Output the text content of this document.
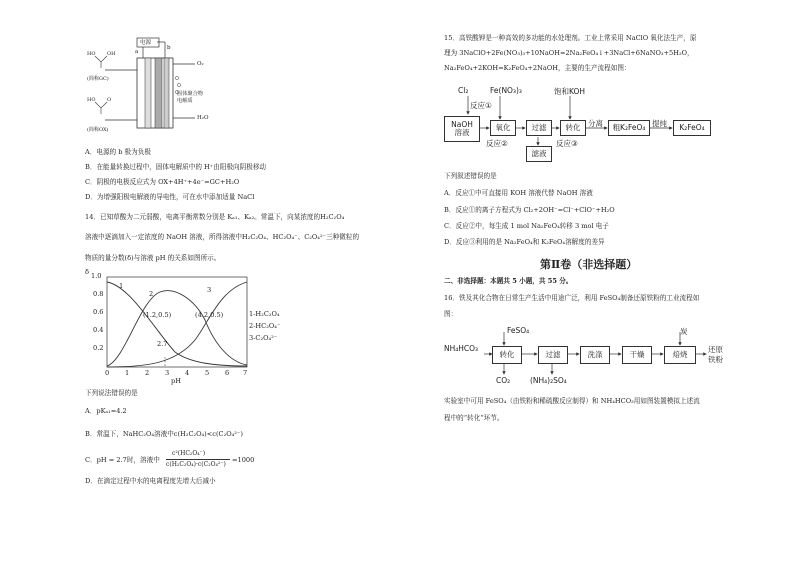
电源
a
b
O₂
H₂O
固体聚合物
电解质
HO OH
(简称GC)
HO O
(简称OX)
A．电源的 b 极为负极
B．在能量转换过程中，固体电解质中的 H⁺由阳极向阴极移动
C．阴极的电极反应式为 OX+4H⁺+4e⁻=GC+H₂O
D．为增强阳极电解液的导电性，可在水中添加适量 NaCl
14．已知草酸为二元弱酸，电离平衡常数分别是 Kₐ₁、Kₐ₂。常温下，向某浓度的H₂C₂O₄
溶液中逐滴加入一定浓度的 NaOH 溶液，所得溶液中H₂C₂O₄、HC₂O₄⁻、C₂O₄²⁻三种微粒的
物质的量分数(δ)与溶液 pH 的关系如图所示。
δ 1.0
0.8
0.6
0.4
0.2
0 1 2 3 4 5 6 7
pH
1
2	3
(1.2,0.5)	(4.2,0.5)
2.7
1-H₂C₂O₄
2-HC₂O₄⁻
3-C₂O₄²⁻
下列说法错误的是
A．pKₐ₁=4.2
B．常温下，NaHC₂O₄溶液中c(H₂C₂O₄)<c(C₂O₄²⁻)
C．pH = 2.7时，溶液中
c²(HC₂O₄⁻)
c(H₂C₂O₄)·c(C₂O₄²⁻)
=1000
D．在滴定过程中水的电离程度先增大后减小
15．高铁酸钾是一种高效的多功能的水处理剂。工业上常采用 NaClO 氧化法生产，原
理为 3NaClO+2Fe(NO₃)₃+10NaOH=2Na₂FeO₄↓+3NaCl+6NaNO₃+5H₂O，
Na₂FeO₄+2KOH=K₂FeO₄+2NaOH，主要的生产流程如图：
Cl₂
反应①
NaOH
溶液
Fe(NO₃)₃
氧化
反应②
过滤
滤液
饱和KOH
转化
反应③
分离	粗K₂FeO₄ 提纯	K₂FeO₄
下列叙述错误的是
A．反应①中可直接用 KOH 溶液代替 NaOH 溶液
B．反应①的离子方程式为 Cl₂+2OH⁻=Cl⁻+ClO⁻+H₂O
C．反应②中，每生成 1 mol Na₂FeO₄转移 3 mol 电子
D．反应③利用的是 Na₂FeO₄和 K₂FeO₄溶解度的差异
第Ⅱ卷（非选择题）
二、非选择题：本题共 5 小题，共 55 分。
16．铁及其化合物在日常生产生活中用途广泛，利用 FeSO₄制备还原铁粉的工业流程如
图：
NH₄HCO₃
FeSO₄
转化
CO₂
过滤
(NH₄)₂SO₄
洗涤	干燥
炭
焙烧
还原
铁粉
实验室中可用 FeSO₄（由铁粉和稀硫酸反应制得）和 NH₄HCO₃用如图装置模拟上述流
程中的“转化”环节。
